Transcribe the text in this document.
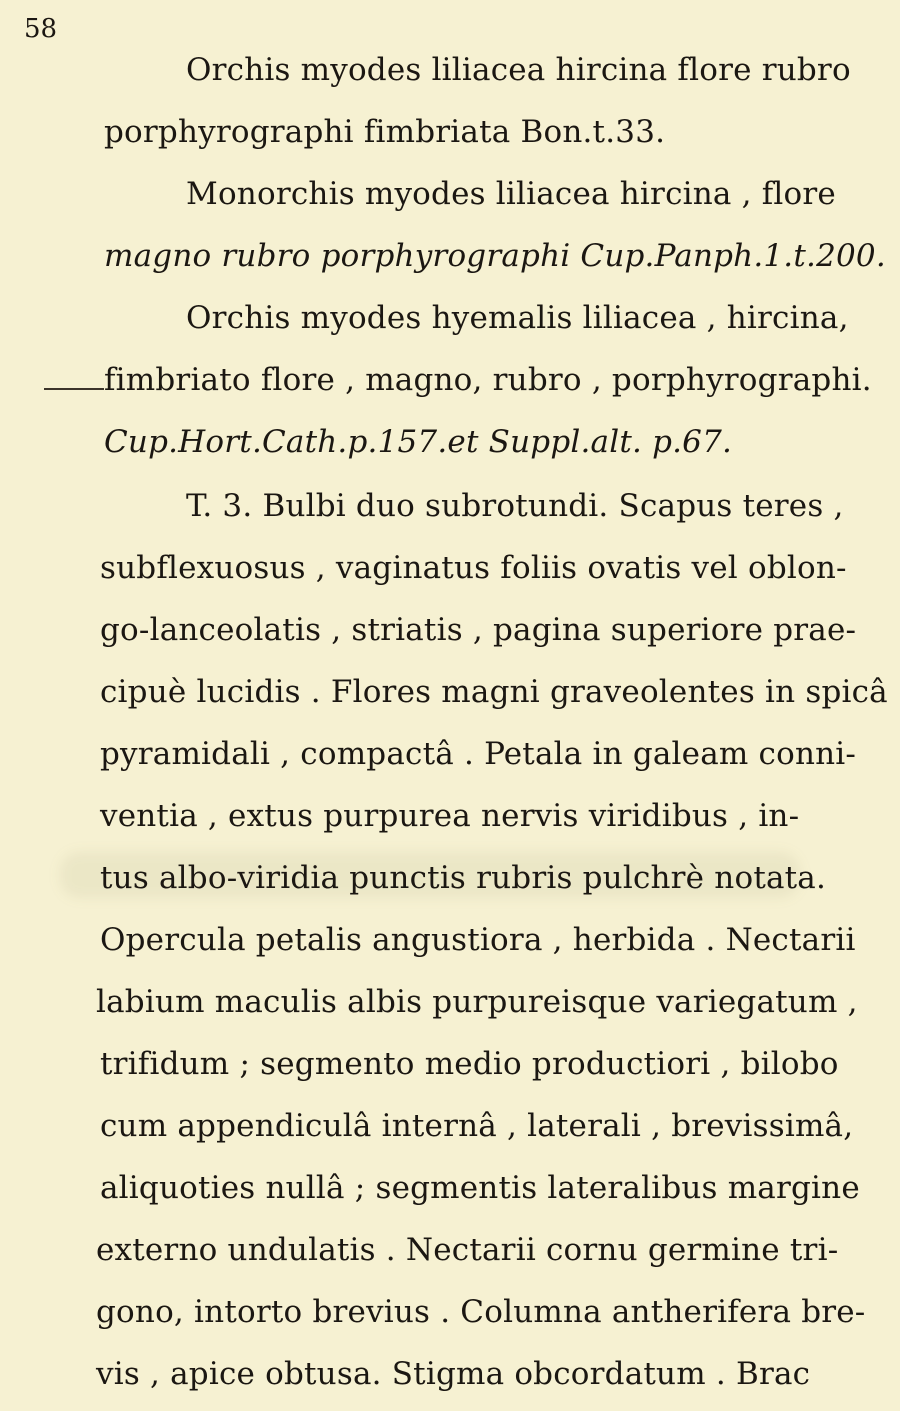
58
Orchis myodes liliacea hircina flore rubro
porphyrographi fimbriata Bon.t.33.
Monorchis myodes liliacea hircina , flore
magno rubro porphyrographi Cup.Panph.1.t.200.
Orchis myodes hyemalis liliacea , hircina,
fimbriato flore , magno, rubro , porphyrographi.
Cup.Hort.Cath.p.157.et Suppl.alt. p.67.
T. 3. Bulbi duo subrotundi. Scapus teres ,
subflexuosus , vaginatus foliis ovatis vel oblon-
go-lanceolatis , striatis , pagina superiore prae-
cipuè lucidis . Flores magni graveolentes in spicâ
pyramidali , compactâ . Petala in galeam conni-
ventia , extus purpurea nervis viridibus , in-
tus albo-viridia punctis rubris pulchrè notata.
Opercula petalis angustiora , herbida . Nectarii
labium maculis albis purpureisque variegatum ,
trifidum ; segmento medio productiori , bilobo
cum appendiculâ internâ , laterali , brevissimâ,
aliquoties nullâ ; segmentis lateralibus margine
externo undulatis . Nectarii cornu germine tri-
gono, intorto brevius . Columna antherifera bre-
vis , apice obtusa. Stigma obcordatum . Brac
